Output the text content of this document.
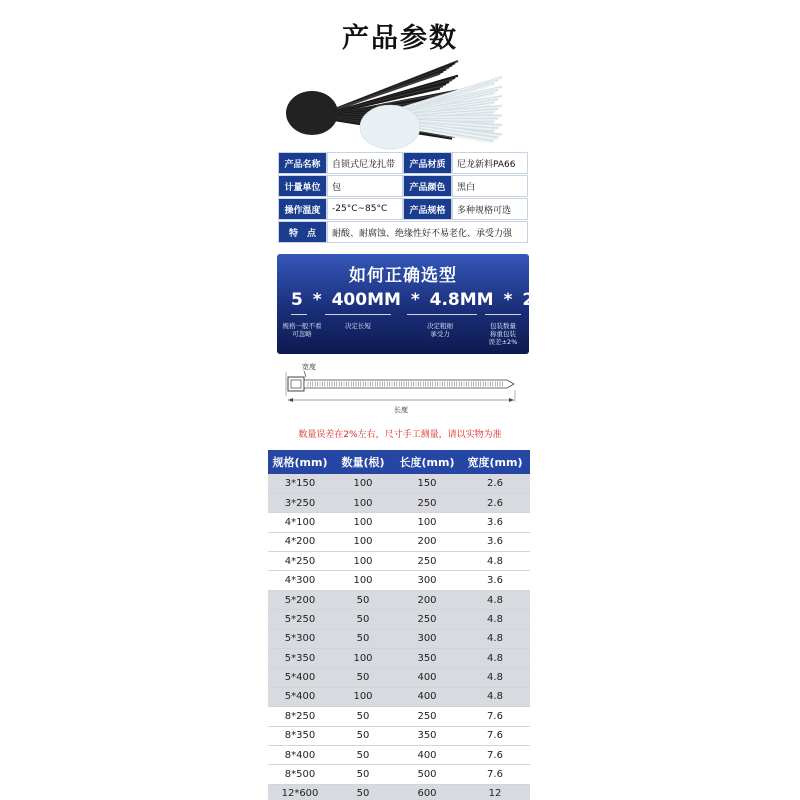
产品参数
产品名称	自锁式尼龙扎带	产品材质	尼龙新料PA66
计量单位	包	产品颜色	黑白
操作温度	-25°C~85°C	产品规格	多种规格可选
特　点	耐酸、耐腐蚀、绝缘性好不易老化、承受力强
如何正确选型
5 * 400MM * 4.8MM * 250
规格一般不看
可忽略
决定长短	决定粗细
承受力
包装数量
称重包装
误差±2%
宽度
长度
数量误差在2%左右，尺寸手工测量，请以实物为准
规格(mm)	数量(根)	长度(mm)	宽度(mm)
3*150	100	150	2.6
3*250	100	250	2.6
4*100	100	100	3.6
4*200	100	200	3.6
4*250	100	250	4.8
4*300	100	300	3.6
5*200	50	200	4.8
5*250	50	250	4.8
5*300	50	300	4.8
5*350	100	350	4.8
5*400	50	400	4.8
5*400	100	400	4.8
8*250	50	250	7.6
8*350	50	350	7.6
8*400	50	400	7.6
8*500	50	500	7.6
12*600	50	600	12
